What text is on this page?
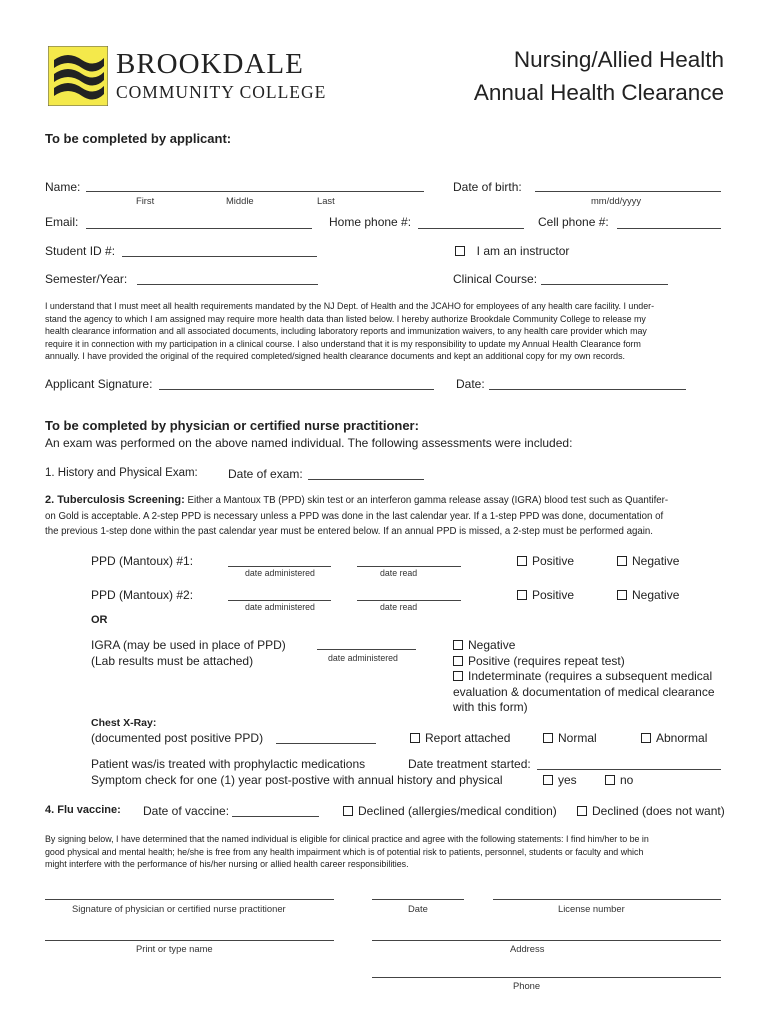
BROOKDALE
COMMUNITY COLLEGE
Nursing/Allied Health
Annual Health Clearance
To be completed by applicant:
Name:
First	Middle	Last
Date of birth:
mm/dd/yyyy
Email:	Home phone #:	Cell phone #:
Student ID #:	I am an instructor
Semester/Year:	Clinical Course:
I understand that I must meet all health requirements mandated by the NJ Dept. of Health and the JCAHO for employees of any health care facility. I under-
stand the agency to which I am assigned may require more health data than listed below. I hereby authorize Brookdale Community College to release my
health clearance information and all associated documents, including laboratory reports and immunization waivers, to any health care provider which may
require it in connection with my participation in a clinical course. I also understand that it is my responsibility to update my Annual Health Clearance form
annually. I have provided the original of the required completed/signed health clearance documents and kept an additional copy for my own records.
Applicant Signature:	Date:
To be completed by physician or certified nurse practitioner:
An exam was performed on the above named individual. The following assessments were included:
1. History and Physical Exam:	Date of exam:
2. Tuberculosis Screening: Either a Mantoux TB (PPD) skin test or an interferon gamma release assay (IGRA) blood test such as Quantifer-
on Gold is acceptable. A 2-step PPD is necessary unless a PPD was done in the last calendar year. If a 1-step PPD was done, documentation of
the previous 1-step done within the past calendar year must be entered below. If an annual PPD is missed, a 2-step must be performed again.
PPD (Mantoux) #1:
date administered	date read
Positive	Negative
PPD (Mantoux) #2:
date administered	date read
Positive	Negative
OR
IGRA (may be used in place of PPD)
(Lab results must be attached)	date administered
Negative
Positive (requires repeat test)
Indeterminate (requires a subsequent medical
evaluation & documentation of medical clearance
with this form)
Chest X-Ray:
(documented post positive PPD)	Report attached	Normal	Abnormal
Patient was/is treated with prophylactic medications	Date treatment started:
Symptom check for one (1) year post-postive with annual history and physical	yes	no
4. Flu vaccine: Date of vaccine:	Declined (allergies/medical condition)	Declined (does not want)
By signing below, I have determined that the named individual is eligible for clinical practice and agree with the following statements: I find him/her to be in
good physical and mental health; he/she is free from any health impairment which is of potential risk to patients, personnel, students or faculty and which
might interfere with the performance of his/her nursing or allied health career responsibilities.
Signature of physician or certified nurse practitioner	Date	License number
Print or type name	Address
Phone
